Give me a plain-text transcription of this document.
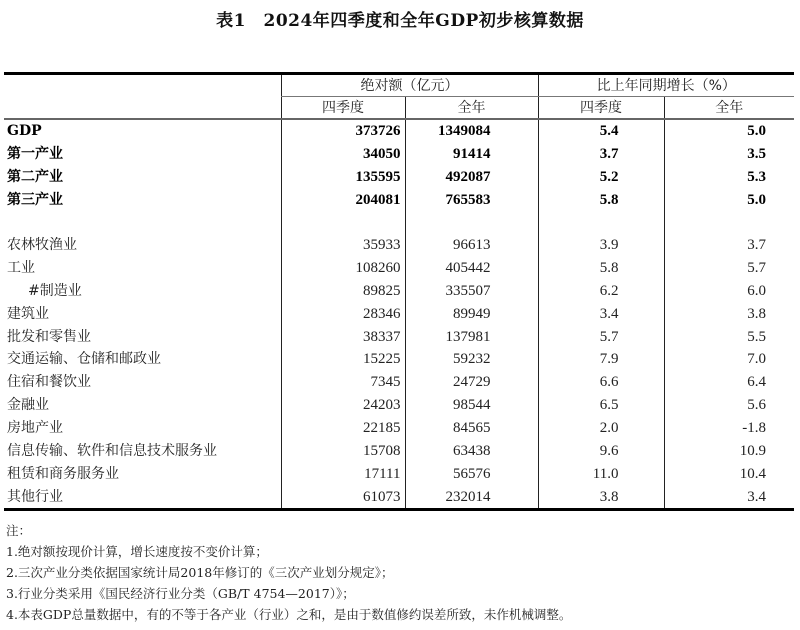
表1　2024年四季度和全年GDP初步核算数据
	绝对额（亿元）		比上年同期增长（%）	
	四季度	全年	四季度	全年
GDP	373726	1349084	5.4	5.0
第一产业	34050	91414	3.7	3.5
第二产业	135595	492087	5.2	5.3
第三产业	204081	765583	5.8	5.0

农林牧渔业	35933	96613	3.9	3.7
工业	108260	405442	5.8	5.7
#制造业	89825	335507	6.2	6.0
建筑业	28346	89949	3.4	3.8
批发和零售业	38337	137981	5.7	5.5
交通运输、仓储和邮政业	15225	59232	7.9	7.0
住宿和餐饮业	7345	24729	6.6	6.4
金融业	24203	98544	6.5	5.6
房地产业	22185	84565	2.0	-1.8
信息传输、软件和信息技术服务业	15708	63438	9.6	10.9
租赁和商务服务业	17111	56576	11.0	10.4
其他行业	61073	232014	3.8	3.4
注：
1.绝对额按现价计算，增长速度按不变价计算；
2.三次产业分类依据国家统计局2018年修订的《三次产业划分规定》；
3.行业分类采用《国民经济行业分类（GB/T 4754—2017）》；
4.本表GDP总量数据中，有的不等于各产业（行业）之和，是由于数值修约误差所致，未作机械调整。
